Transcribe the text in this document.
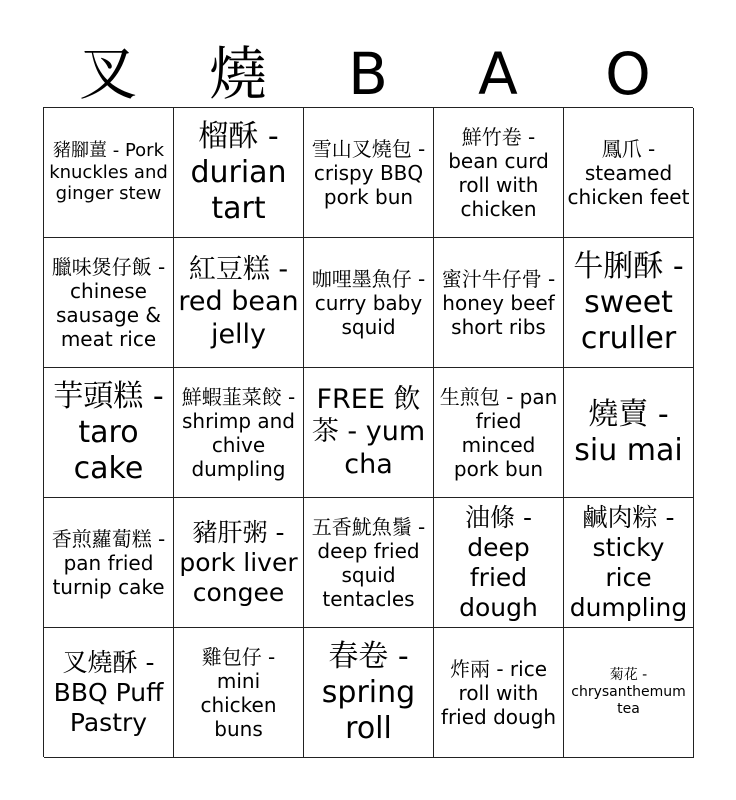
叉	燒	B	A	O
豬腳薑 - Pork knuckles and ginger stew
榴酥 - durian tart
雪山叉燒包 - crispy BBQ pork bun
鮮竹卷 - bean curd roll with chicken
鳳爪 - steamed chicken feet
臘味煲仔飯 - chinese sausage & meat rice
紅豆糕 - red bean jelly
咖哩墨魚仔 - curry baby squid
蜜汁牛仔骨 - honey beef short ribs
牛脷酥 - sweet cruller
芋頭糕 - taro cake
鮮蝦韮菜餃 - shrimp and chive dumpling
FREE 飲茶 - yum cha
生煎包 - pan fried minced pork bun
燒賣 - siu mai
香煎蘿蔔糕 - pan fried turnip cake
豬肝粥 - pork liver congee
五香魷魚鬚 - deep fried squid tentacles
油條 - deep fried dough
鹹肉粽 - sticky rice dumpling
叉燒酥 - BBQ Puff Pastry
雞包仔 - mini chicken buns
春卷 - spring roll
炸兩 - rice roll with fried dough
菊花 - chrysanthemum tea
